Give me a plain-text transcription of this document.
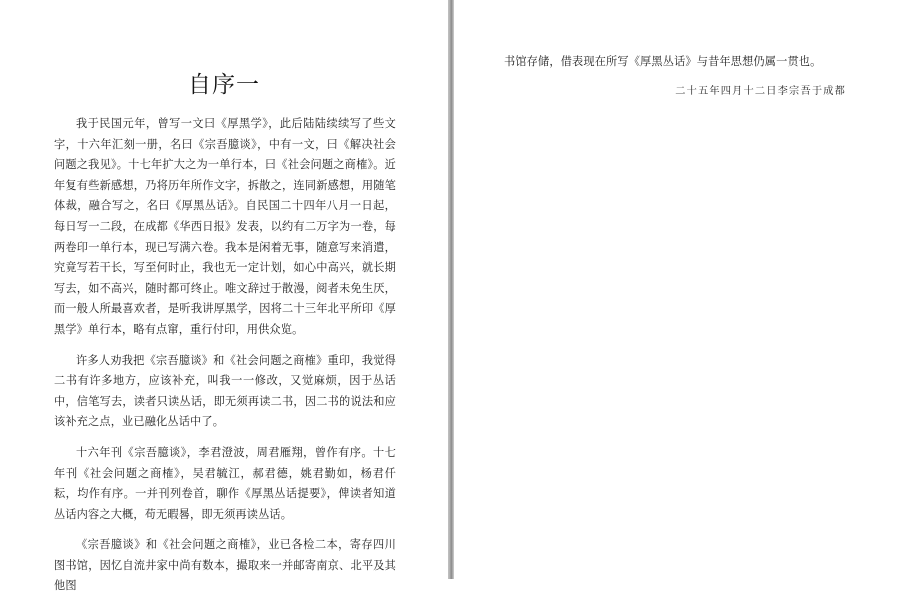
自序一

我于民国元年，曾写一文曰《厚黑学》，此后陆陆续续写了些文字，十六年汇刻一册，名曰《宗吾臆谈》，中有一文，曰《解决社会问题之我见》。十七年扩大之为一单行本，曰《社会问题之商榷》。近年复有些新感想，乃将历年所作文字，拆散之，连同新感想，用随笔体裁，融合写之，名曰《厚黑丛话》。自民国二十四年八月一日起，每日写一二段，在成都《华西日报》发表，以约有二万字为一卷，每两卷印一单行本，现已写满六卷。我本是闲着无事，随意写来消遣，究竟写若干长，写至何时止，我也无一定计划，如心中高兴，就长期写去，如不高兴，随时都可终止。唯文辞过于散漫，阅者未免生厌，而一般人所最喜欢者，是听我讲厚黑学，因将二十三年北平所印《厚黑学》单行本，略有点窜，重行付印，用供众览。

许多人劝我把《宗吾臆谈》和《社会问题之商榷》重印，我觉得二书有许多地方，应该补充，叫我一一修改，又觉麻烦，因于丛话中，信笔写去，读者只读丛话，即无须再读二书，因二书的说法和应该补充之点，业已融化丛话中了。

十六年刊《宗吾臆谈》，李君澄波，周君雁翔，曾作有序。十七年刊《社会问题之商榷》，吴君毓江，郝君德，姚君勤如，杨君仟耘，均作有序。一并刊列卷首，聊作《厚黑丛话提要》，俾读者知道丛话内容之大概，苟无暇晷，即无须再读丛话。

《宗吾臆谈》和《社会问题之商榷》，业已各检二本，寄存四川图书馆，因忆自流井家中尚有数本，撮取来一并邮寄南京、北平及其他图

书馆存储，借表现在所写《厚黑丛话》与昔年思想仍属一贯也。

二十五年四月十二日李宗吾于成都
